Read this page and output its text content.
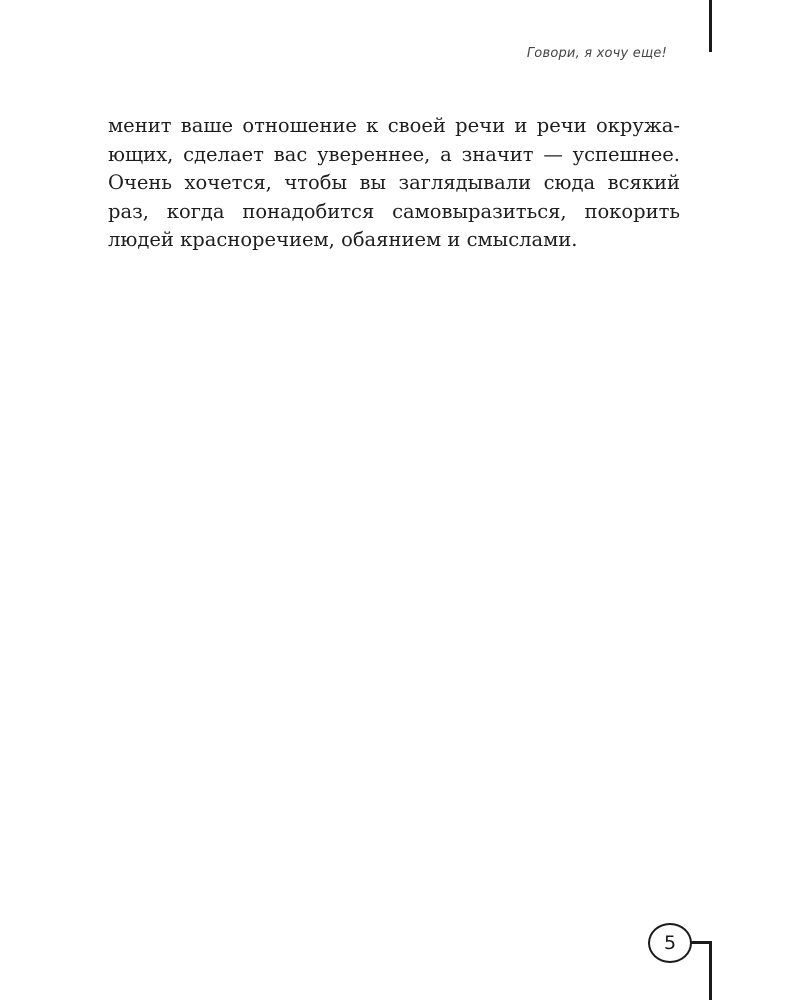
Говори, я хочу еще!
менит ваше отношение к своей речи и речи окружа-
ющих, сделает вас увереннее, а значит — успешнее.
Очень хочется, чтобы вы заглядывали сюда всякий
раз, когда понадобится самовыразиться, покорить
людей красноречием, обаянием и смыслами.
5
